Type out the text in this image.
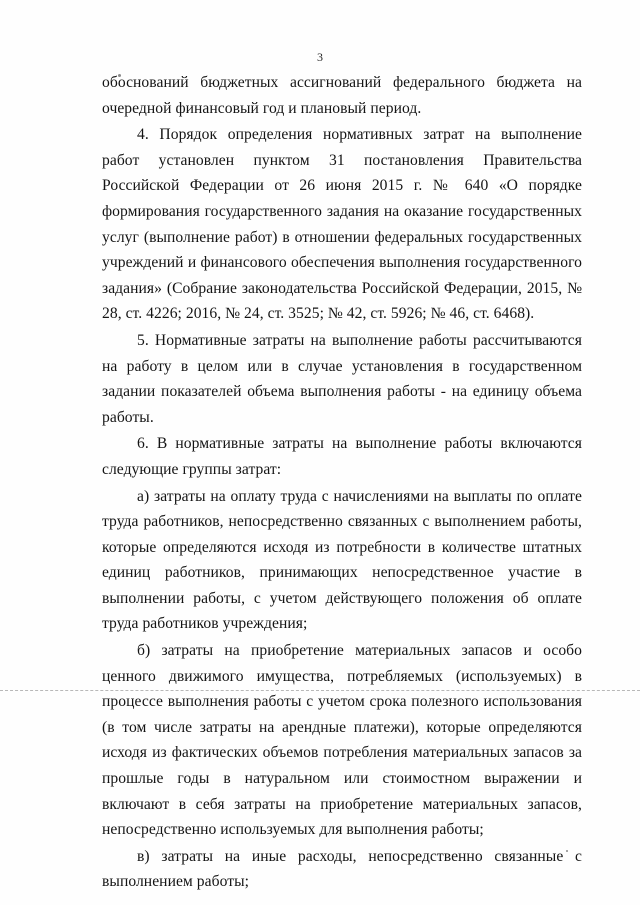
3

обоснований бюджетных ассигнований федерального бюджета на очередной финансовый год и плановый период.

4. Порядок определения нормативных затрат на выполнение работ установлен пунктом 31 постановления Правительства Российской Федерации от 26 июня 2015 г. № 640 «О порядке формирования государственного задания на оказание государственных услуг (выполнение работ) в отношении федеральных государственных учреждений и финансового обеспечения выполнения государственного задания» (Собрание законодательства Российской Федерации, 2015, № 28, ст. 4226; 2016, № 24, ст. 3525; № 42, ст. 5926; № 46, ст. 6468).

5. Нормативные затраты на выполнение работы рассчитываются на работу в целом или в случае установления в государственном задании показателей объема выполнения работы - на единицу объема работы.

6. В нормативные затраты на выполнение работы включаются следующие группы затрат:

а) затраты на оплату труда с начислениями на выплаты по оплате труда работников, непосредственно связанных с выполнением работы, которые определяются исходя из потребности в количестве штатных единиц работников, принимающих непосредственное участие в выполнении работы, с учетом действующего положения об оплате труда работников учреждения;

б) затраты на приобретение материальных запасов и особо ценного движимого имущества, потребляемых (используемых) в процессе выполнения работы с учетом срока полезного использования (в том числе затраты на арендные платежи), которые определяются исходя из фактических объемов потребления материальных запасов за прошлые годы в натуральном или стоимостном выражении и включают в себя затраты на приобретение материальных запасов, непосредственно используемых для выполнения работы;

в) затраты на иные расходы, непосредственно связанные с выполнением работы;
